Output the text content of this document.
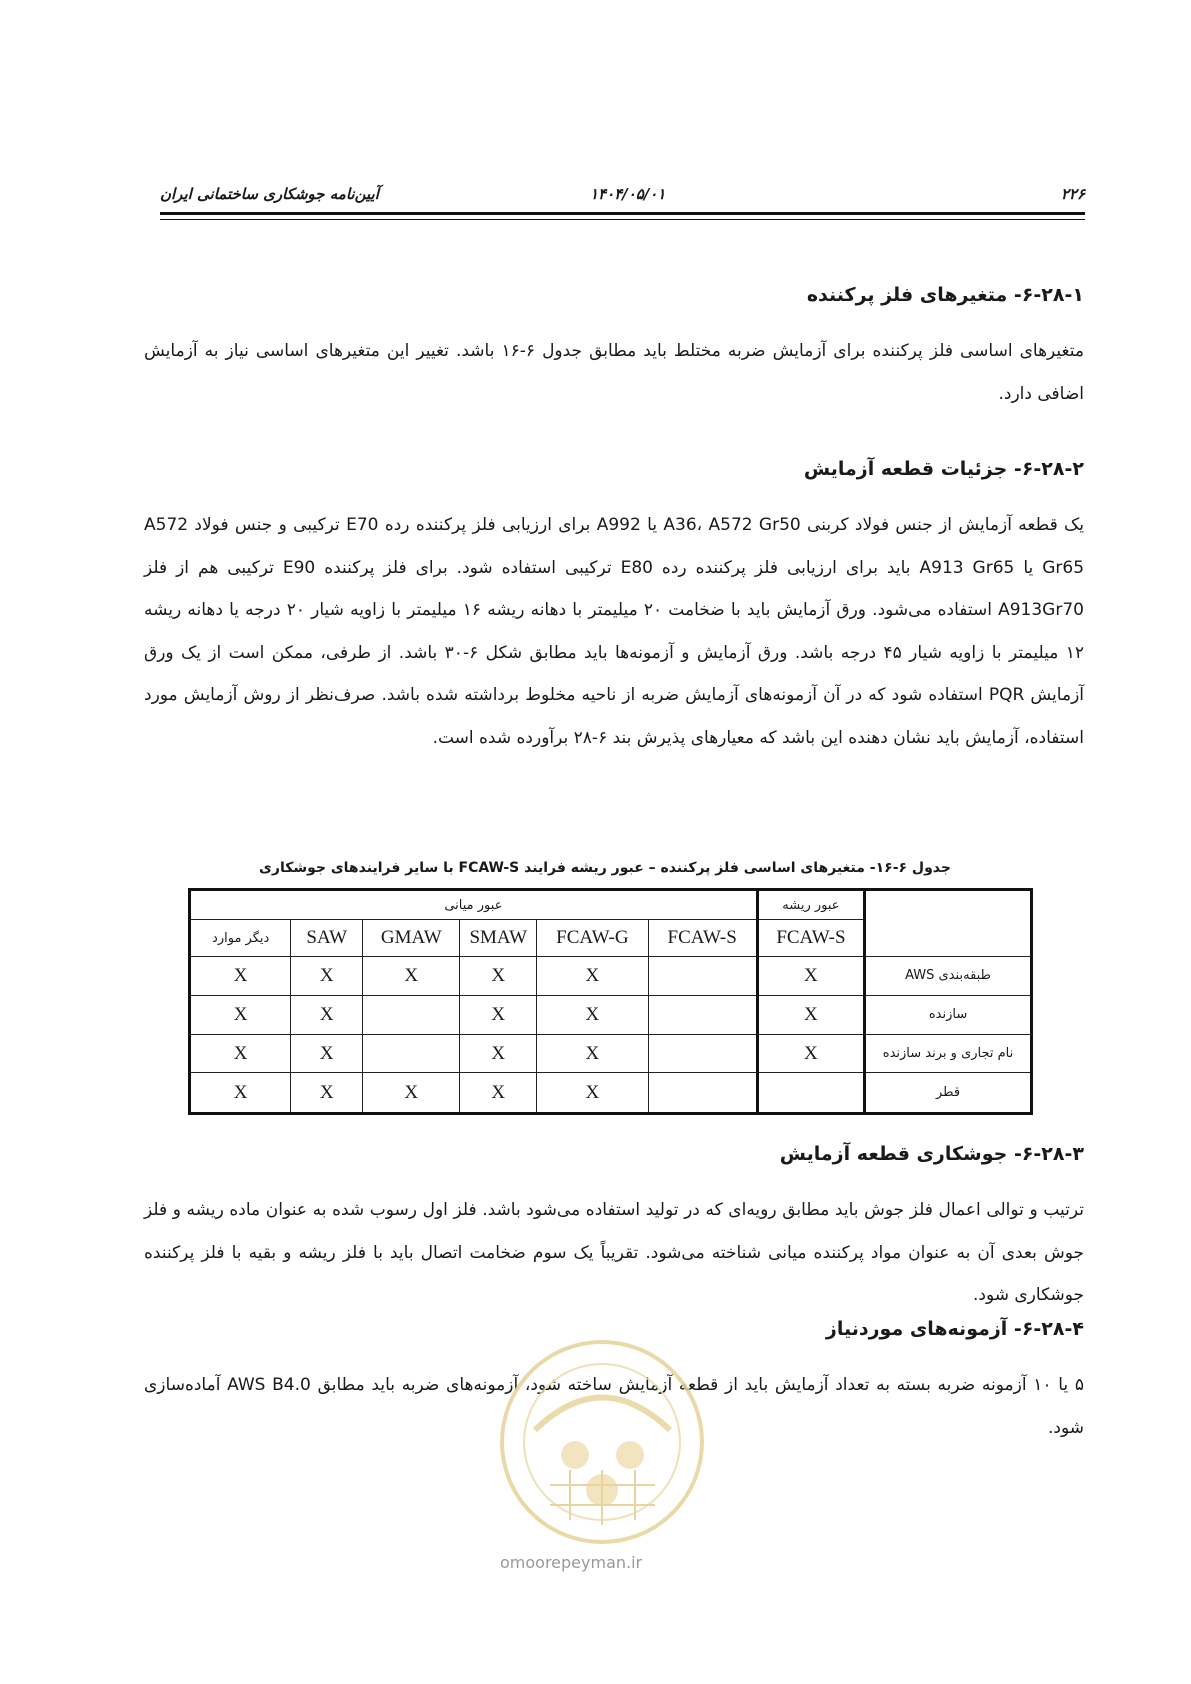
۲۲۶
۱۴۰۴/۰۵/۰۱
آیین‌نامه جوشکاری ساختمانی ایران
۶-۲۸-۱- متغیرهای فلز پرکننده

متغیرهای اساسی فلز پرکننده برای آزمایش ضربه مختلط باید مطابق جدول ۶-۱۶ باشد. تغییر این متغیرهای اساسی نیاز به آزمایش اضافی دارد.

۶-۲۸-۲- جزئیات قطعه آزمایش

یک قطعه آزمایش از جنس فولاد کربنی A36، A572 Gr50 یا A992 برای ارزیابی فلز پرکننده رده E70 ترکیبی و جنس فولاد A572 Gr65 یا A913 Gr65 باید برای ارزیابی فلز پرکننده رده E80 ترکیبی استفاده شود. برای فلز پرکننده E90 ترکیبی هم از فلز A913Gr70 استفاده می‌شود. ورق آزمایش باید با ضخامت ۲۰ میلیمتر با دهانه ریشه ۱۶ میلیمتر با زاویه شیار ۲۰ درجه یا دهانه ریشه ۱۲ میلیمتر با زاویه شیار ۴۵ درجه باشد. ورق آزمایش و آزمونه‌ها باید مطابق شکل ۶-۳۰ باشد. از طرفی، ممکن است از یک ورق آزمایش PQR استفاده شود که در آن آزمونه‌های آزمایش ضربه از ناحیه مخلوط برداشته شده باشد. صرف‌نظر از روش آزمایش مورد استفاده، آزمایش باید نشان دهنده این باشد که معیارهای پذیرش بند ۶-۲۸ برآورده شده است.

جدول ۶-۱۶- متغیرهای اساسی فلز پرکننده – عبور ریشه فرایند FCAW-S با سایر فرایندهای جوشکاری
	عبور ریشه	عبور میانی					
	FCAW-S	FCAW-S	FCAW-G	SMAW	GMAW	SAW	دیگر موارد
طبقه‌بندی AWS	X		X	X	X	X	X
سازنده	X		X	X		X	X
نام تجاری و برند سازنده	X		X	X		X	X
قطر			X	X	X	X	X
۶-۲۸-۳- جوشکاری قطعه آزمایش

ترتیب و توالی اعمال فلز جوش باید مطابق رویه‌ای که در تولید استفاده می‌شود باشد. فلز اول رسوب شده به عنوان ماده ریشه و فلز جوش بعدی آن به عنوان مواد پرکننده میانی شناخته می‌شود. تقریباً یک سوم ضخامت اتصال باید با فلز ریشه و بقیه با فلز پرکننده جوشکاری شود.

۶-۲۸-۴- آزمونه‌های موردنیاز

۵ یا ۱۰ آزمونه ضربه بسته به تعداد آزمایش باید از قطعه آزمایش ساخته شود، آزمونه‌های ضربه باید مطابق AWS B4.0 آماده‌سازی شود.

omoorepeyman.ir
